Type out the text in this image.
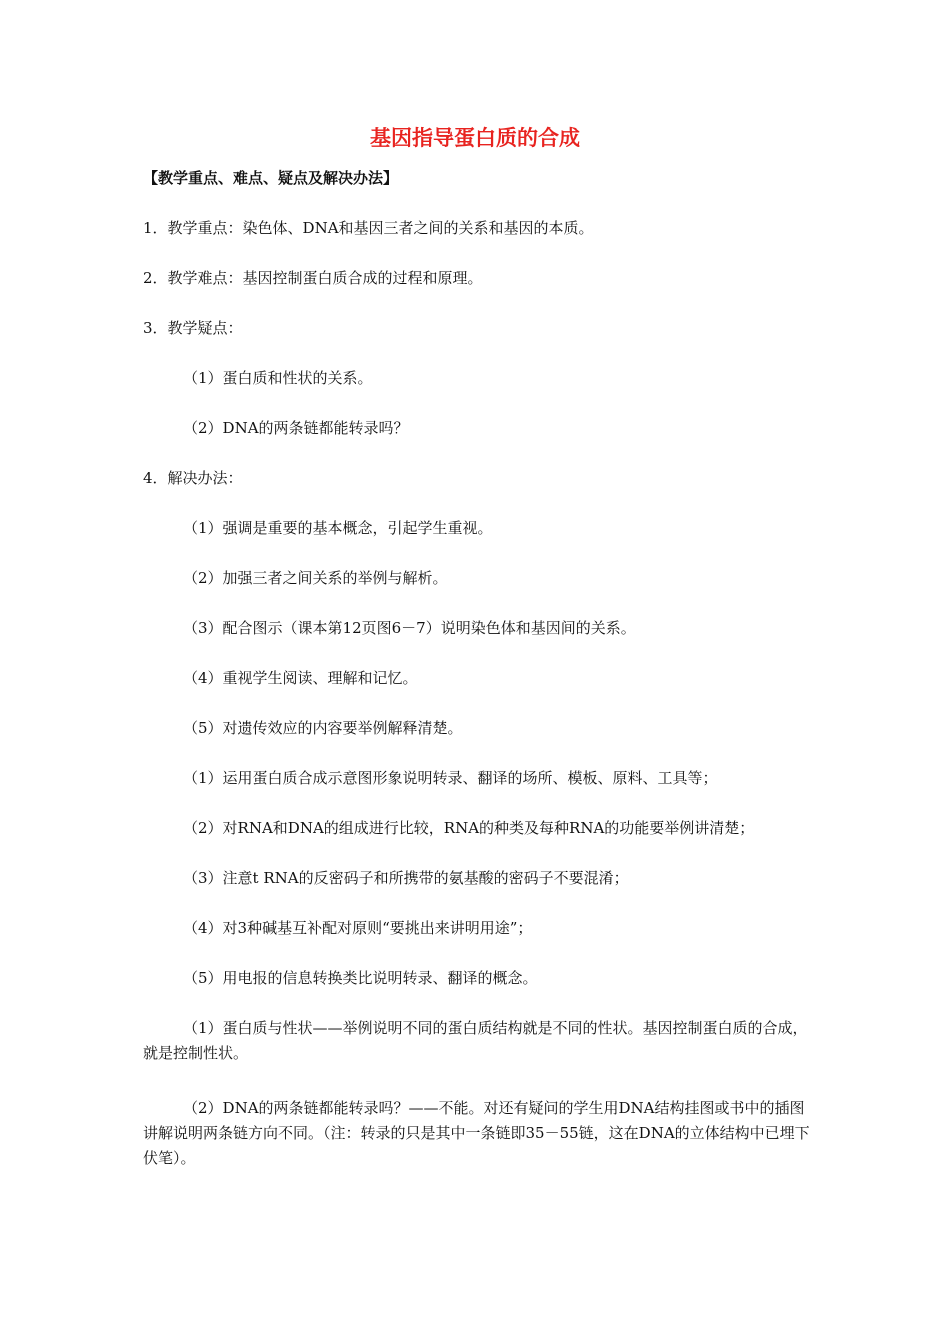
基因指导蛋白质的合成
【教学重点、难点、疑点及解决办法】
1．教学重点：染色体、DNA和基因三者之间的关系和基因的本质。
2．教学难点：基因控制蛋白质合成的过程和原理。
3．教学疑点：
（1）蛋白质和性状的关系。
（2）DNA的两条链都能转录吗？
4．解决办法：
（1）强调是重要的基本概念，引起学生重视。
（2）加强三者之间关系的举例与解析。
（3）配合图示（课本第12页图6－7）说明染色体和基因间的关系。
（4）重视学生阅读、理解和记忆。
（5）对遗传效应的内容要举例解释清楚。
（1）运用蛋白质合成示意图形象说明转录、翻译的场所、模板、原料、工具等；
（2）对RNA和DNA的组成进行比较，RNA的种类及每种RNA的功能要举例讲清楚；
（3）注意t RNA的反密码子和所携带的氨基酸的密码子不要混淆；
（4）对3种碱基互补配对原则“要挑出来讲明用途”；
（5）用电报的信息转换类比说明转录、翻译的概念。
（1）蛋白质与性状——举例说明不同的蛋白质结构就是不同的性状。基因控制蛋白质的合成，就是控制性状。
（2）DNA的两条链都能转录吗？——不能。对还有疑问的学生用DNA结构挂图或书中的插图讲解说明两条链方向不同。（注：转录的只是其中一条链即35－55链，这在DNA的立体结构中已埋下伏笔）。
